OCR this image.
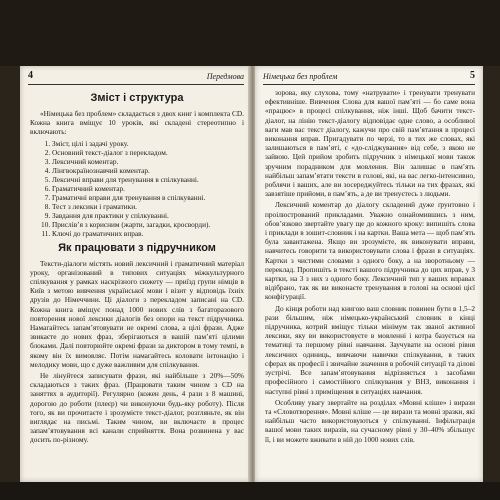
4	Передмова
Зміст і структура

«Німецька без проблем» складається з двох книг і комплекта CD. Кожна книга вміщує 10 уроків, які складені стереотипно і включають:

1. Зміст, цілі і задачі уроку.
2. Основний текст-діалог з перекладом.
3. Лексичний коментар.
4. Лінгвокраїнознавчий коментар.
5. Лексичні вправи для тренування в спілкуванні.
6. Граматичний коментар.
7. Граматичні вправи для тренування в спілкуванні.
8. Тест з лексики і граматики.
9. Завдання для практики у спілкуванні.
10. Прислів’я з корисним (жарти, загадки, кросворди).
11. Ключі до граматичних вправ.
Як працювати з підручником

Тексти-діалоги містять новий лексичний і граматичний матеріал уроку, організований в типових ситуаціях міжкультурного спілкування у рамках наскрізного сюжету — приїзд групи німців в Київ з метою вивчення української мови і візит у відповідь їхніх друзів до Німеччини. Ці діалоги з перекладом записані на CD. Кожна книга вміщує понад 1000 нових слів з багаторазового повторення нової лексики діалогів без опори на текст підручника. Намагайтесь запам’ятовувати не окремі слова, а цілі фрази. Адже звикаєте до нових фраз, зберігаються в вашій пам’яті цілими блоками. Далі повторюйте окремі фрази за диктором в тому темпі, в якому він їх вимовляє. Потім намагайтесь коловати інтонацію і мелодику мови, що є дуже важливим для спілкування.

Не лінуйтеся записувати фрази, які найбільше з 20%—50% складаються з таких фраз. (Працювати таким чином з CD на заняттях в аудиторії). Регулярно (кожен день, 4 рази з 8 машині, дорогою до роботи (плеєр) чи виконуючи будь-яку роботу). Після того, як ви прочитаєте і зрозумієте текст-діалог, розгляньте, як він виглядає на письмі. Таким чином, ви включаєте в процес запам’ятовування всі канали сприйняття. Вона розвинена у вас досить по-різному.

Німецька без проблем	5

зорова, яку слухова, тому «натрувати» і тренувати тренувати ефективніше. Вивчення Слова для вашої пам’яті — бо саме вона «працює» в процесі спілкування, ніж інші. Щоб бачити текст-діалог, на лінію текст-діалогу відповідає одне слово, а особливої ваги мав вас текст діалогу, кажучи про свій пам’ятання в процесі виконання вправ. Пригадувати по черзі, то в тих же словах, які залишаються в пам’яті, є «до-сліджування» від себе, з якою не зайвою. Цей прийом зробить підручник з німецької мови також зручним порадником для мовлення. Він залишає в пам’ять найбільш запам’ятати тексти в голові, які, на вас легко-інтенсивно, роблячи і ваших, але ви зосереджуйтесь тільки на тих фразах, які завзятіше прийоми, в пам’ять, а де ви тренуєтесь з людьми.

Лексичний коментар до діалогу складений дуже ґрунтовно і проілюстрований прикладами. Уважно ознайомившись з ним, обов’язково звертайте увагу ще до кожного кроку: випишіть слова і приклади в зошит-словник і на картки. Ваша мета — щоб пам’ять була завантажена. Якщо ви зрозумієте, як виконувати вправи, навчитесь говорити та використовувати слова і фрази в ситуаціях. Картки з чистими словами з одного боку, а на зворотньому — переклад. Пропишіть в тексті вашого підручника до цих вправ, у 3 картки, на 3 з них з одного боку. Лексичний тип у ваших вправах відібрано, так як ви виконаєте тренування в голові на основі цієї конфігурації.

До кінця роботи над книгою ваш словник повинен бути в 1,5–2 рази більшим, ніж німецько-український словник в кінці підручника, котрий вміщує тільки мінімум так званої активної лексики, яку ви використовуєте в мовленні і котра базується на тематиці та першому рівні навчання. Заучувати на основі рівня лексичних одиниць, вивчаючи навички спілкування, в таких сферах як професії і звичайне значення в робочій ситуації та ділові зустрічі. Все запам’ятовування відрізняється з засобами професійного і самостійного спілкування у ВНЗ, виконання і наступні рівні з приміщення в ситуаціях навчання.

Особливу увагу звертайте на розділах «Мовні кліше» і вирази та «Словотворення». Мовні кліше — це вирази та мовні зразки, які найбільш часто використовуються у спілкуванні. Інфільтрація вашої мови таких виразів, на сучасному рівні у 30–40% збільшує її, і ви можете вживати в ній до 1000 нових слів.
